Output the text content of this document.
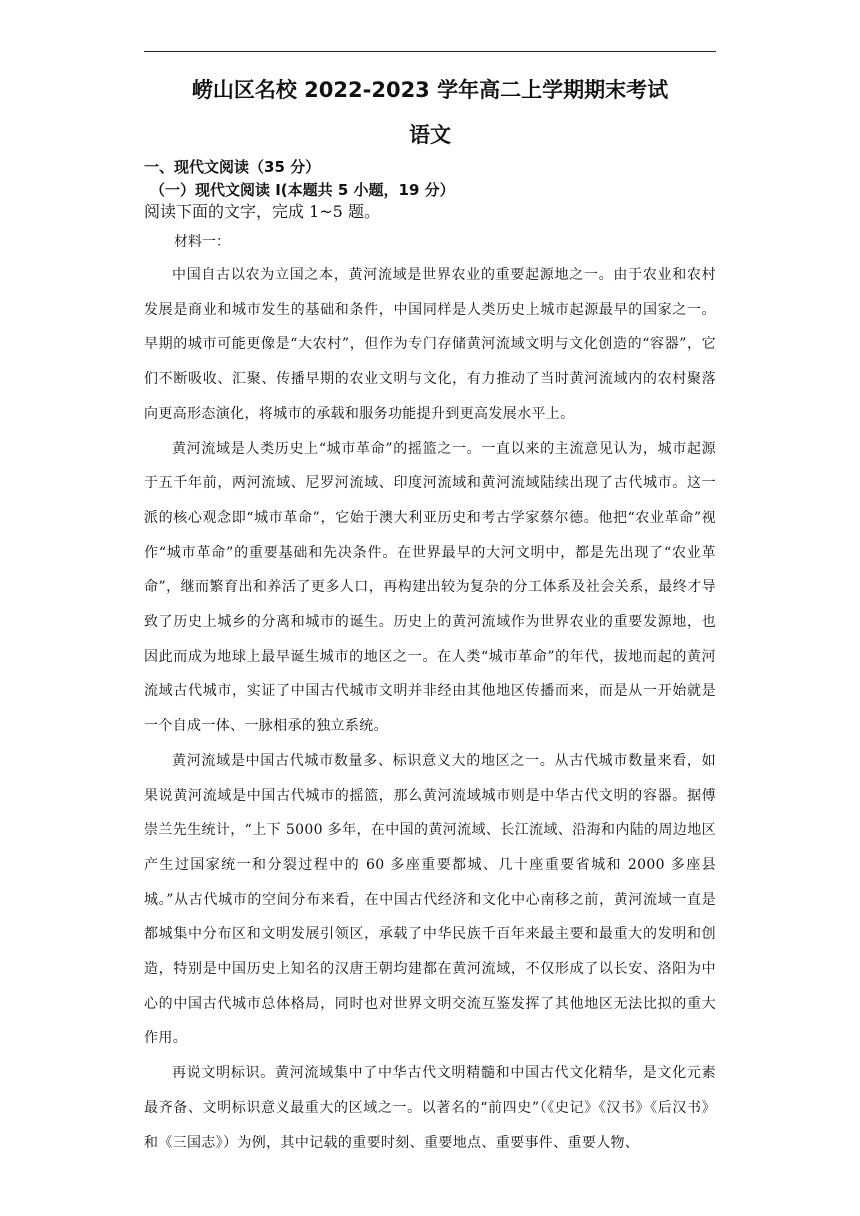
崂山区名校 2022-2023 学年高二上学期期末考试
语文
一、现代文阅读（35 分）
（一）现代文阅读 I(本题共 5 小题，19 分）
阅读下面的文字，完成 1~5 题。
材料一：

中国自古以农为立国之本，黄河流域是世界农业的重要起源地之一。由于农业和农村发展是商业和城市发生的基础和条件，中国同样是人类历史上城市起源最早的国家之一。早期的城市可能更像是“大农村”，但作为专门存储黄河流域文明与文化创造的“容器”，它们不断吸收、汇聚、传播早期的农业文明与文化，有力推动了当时黄河流域内的农村聚落向更高形态演化，将城市的承载和服务功能提升到更高发展水平上。

黄河流域是人类历史上“城市革命”的摇篮之一。一直以来的主流意见认为，城市起源于五千年前，两河流域、尼罗河流域、印度河流域和黄河流域陆续出现了古代城市。这一派的核心观念即“城市革命”，它始于澳大利亚历史和考古学家蔡尔德。他把“农业革命”视作“城市革命”的重要基础和先决条件。在世界最早的大河文明中，都是先出现了“农业革命”，继而繁育出和养活了更多人口，再构建出较为复杂的分工体系及社会关系，最终才导致了历史上城乡的分离和城市的诞生。历史上的黄河流域作为世界农业的重要发源地，也因此而成为地球上最早诞生城市的地区之一。在人类“城市革命”的年代，拔地而起的黄河流域古代城市，实证了中国古代城市文明并非经由其他地区传播而来，而是从一开始就是一个自成一体、一脉相承的独立系统。

黄河流域是中国古代城市数量多、标识意义大的地区之一。从古代城市数量来看，如果说黄河流域是中国古代城市的摇篮，那么黄河流域城市则是中华古代文明的容器。据傅崇兰先生统计，“上下 5000 多年，在中国的黄河流域、长江流域、沿海和内陆的周边地区产生过国家统一和分裂过程中的 60 多座重要都城、几十座重要省城和 2000 多座县城。”从古代城市的空间分布来看，在中国古代经济和文化中心南移之前，黄河流域一直是都城集中分布区和文明发展引领区，承载了中华民族千百年来最主要和最重大的发明和创造，特别是中国历史上知名的汉唐王朝均建都在黄河流域，不仅形成了以长安、洛阳为中心的中国古代城市总体格局，同时也对世界文明交流互鉴发挥了其他地区无法比拟的重大作用。

再说文明标识。黄河流域集中了中华古代文明精髓和中国古代文化精华，是文化元素最齐备、文明标识意义最重大的区域之一。以著名的“前四史”（《史记》《汉书》《后汉书》和《三国志》）为例，其中记载的重要时刻、重要地点、重要事件、重要人物、
